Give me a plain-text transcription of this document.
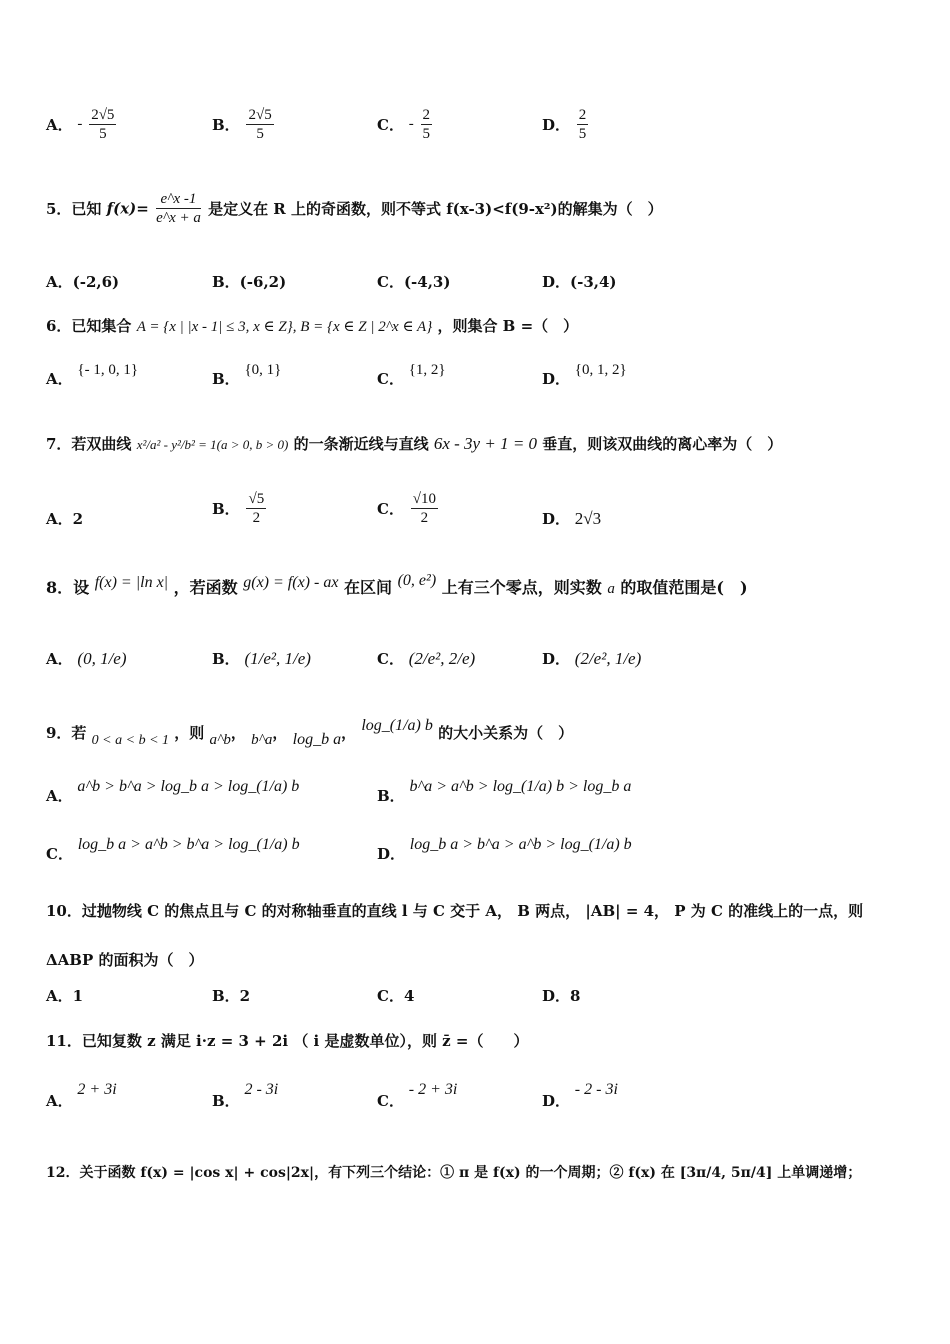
A． - $\frac{2√5}{5}$	B． $\frac{2√5}{5}$	C． - $\frac{2}{5}$	D． $\frac{2}{5}$
5．已知 $f(x)= \frac{e\^{}x -1}{e\^{}x + a}$ 是定义在 R 上的奇函数，则不等式 f(x-3)<f(9-x²)的解集为（　）
A．(-2,6)	B．(-6,2)	C．(-4,3)	D．(-3,4)
6．已知集合 A = {x | |x - 1| ≤ 3, x ∈ Z}, B = {x ∈ Z | 2^x ∈ A} ，则集合 B =（　）
A． {- 1, 0, 1}	B． {0, 1}	C． {1, 2}	D． {0, 1, 2}
7．若双曲线 x²/a² - y²/b² = 1(a > 0, b > 0) 的一条渐近线与直线 6x - 3y + 1 = 0 垂直，则该双曲线的离心率为（　）
A．2
B． $\frac{√5}{2}$	C． $\frac{√10}{2}$	D． 2√3
8．设 f(x) = |ln x| ，若函数 g(x) = f(x) - ax 在区间 (0, e²) 上有三个零点，则实数 a 的取值范围是(　)
A． (0, 1/e)	B． (1/e², 1/e)	C． (2/e², 2/e)	D． (2/e², 1/e)
9．若 0 < a < b < 1 ，则 a^b， b^a， log_b a， log_(1/a) b 的大小关系为（　）
A． a^b > b^a > log_b a > log_(1/a) b
B． b^a > a^b > log_(1/a) b > log_b a
C． log_b a > a^b > b^a > log_(1/a) b
D． log_b a > b^a > a^b > log_(1/a) b
10．过抛物线 C 的焦点且与 C 的对称轴垂直的直线 l 与 C 交于 A， B 两点， |AB| = 4， P 为 C 的准线上的一点，则
ΔABP 的面积为（　）
A．1	B．2	C．4	D．8
11．已知复数 z 满足 i·z = 3 + 2i （ i 是虚数单位），则 z̄ =（　　）
A． 2 + 3i
B． 2 - 3i
C． - 2 + 3i
D． - 2 - 3i
12．关于函数 f(x) = |cos x| + cos|2x|，有下列三个结论：① π 是 f(x) 的一个周期；② f(x) 在 [3π/4, 5π/4] 上单调递增；
